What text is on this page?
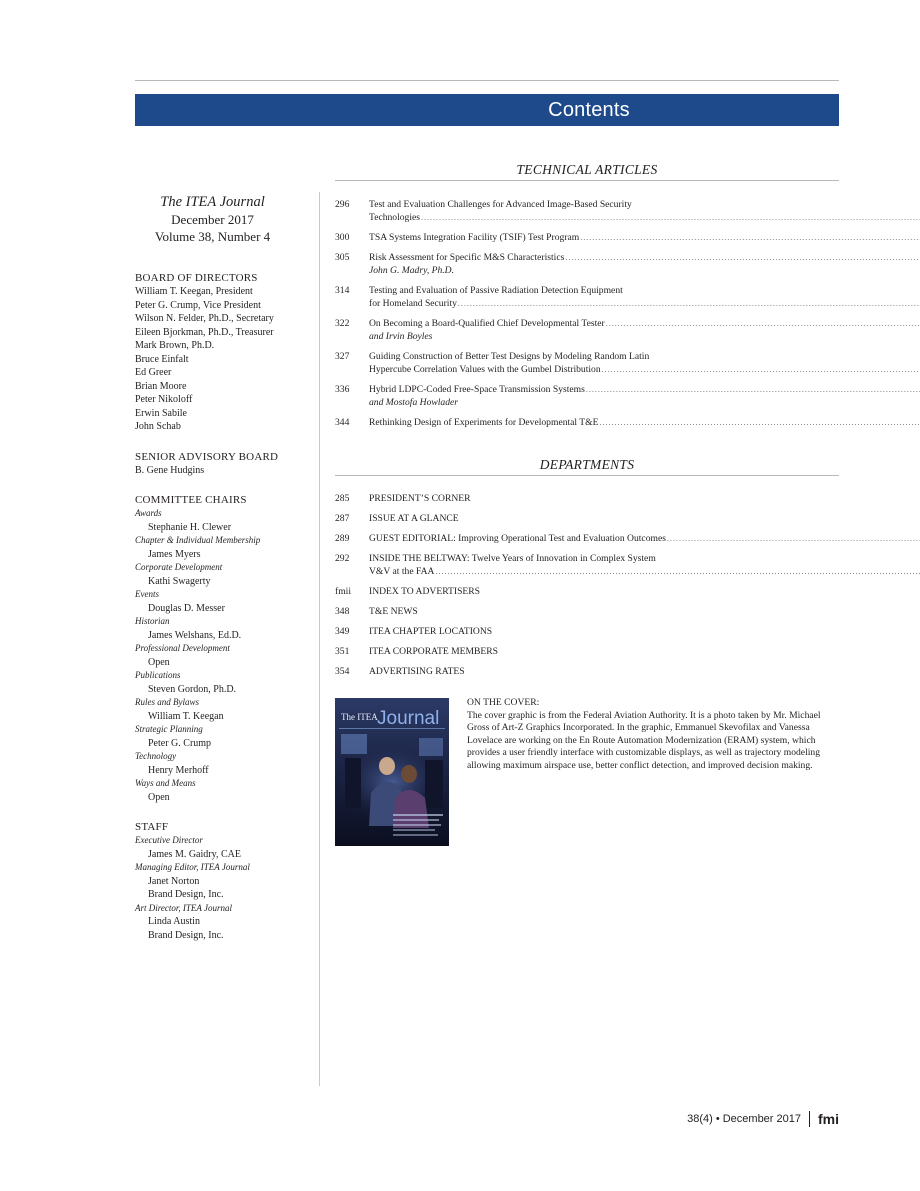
Contents
The ITEA Journal
December 2017
Volume 38, Number 4
BOARD OF DIRECTORS
William T. Keegan, President
Peter G. Crump, Vice President
Wilson N. Felder, Ph.D., Secretary
Eileen Bjorkman, Ph.D., Treasurer
Mark Brown, Ph.D.
Bruce Einfalt
Ed Greer
Brian Moore
Peter Nikoloff
Erwin Sabile
John Schab
SENIOR ADVISORY BOARD
B. Gene Hudgins
COMMITTEE CHAIRS
Awards
Stephanie H. Clewer
Chapter & Individual Membership
James Myers
Corporate Development
Kathi Swagerty
Events
Douglas D. Messer
Historian
James Welshans, Ed.D.
Professional Development
Open
Publications
Steven Gordon, Ph.D.
Rules and Bylaws
William T. Keegan
Strategic Planning
Peter G. Crump
Technology
Henry Merhoff
Ways and Means
Open
STAFF
Executive Director
James M. Gaidry, CAE
Managing Editor, ITEA Journal
Janet Norton
Brand Design, Inc.
Art Director, ITEA Journal
Linda Austin
Brand Design, Inc.
TECHNICAL ARTICLES
296	Test and Evaluation Challenges for Advanced Image-Based Security
Technologies
.....
300	TSA Systems Integration Facility (TSIF) Test Program
.....
305	Risk Assessment for Specific M&S Characteristics
.....
John G. Madry, Ph.D.
314	Testing and Evaluation of Passive Radiation Detection Equipment
for Homeland Security
.....
322	On Becoming a Board-Qualified Chief Developmental Tester
.....
and Irvin Boyles
327	Guiding Construction of Better Test Designs by Modeling Random Latin
Hypercube Correlation Values with the Gumbel Distribution
.....
336	Hybrid LDPC-Coded Free-Space Transmission Systems
.....
and Mostofa Howlader
344	Rethinking Design of Experiments for Developmental T&E
.....
DEPARTMENTS
285	PRESIDENT’S CORNER
287	ISSUE AT A GLANCE
289	GUEST EDITORIAL: Improving Operational Test and Evaluation Outcomes
.....
292	INSIDE THE BELTWAY: Twelve Years of Innovation in Complex System
V&V at the FAA
.....
fmii	INDEX TO ADVERTISERS
348	T&E NEWS
349	ITEA CHAPTER LOCATIONS
351	ITEA CORPORATE MEMBERS
354	ADVERTISING RATES
The ITEA Journal
ON THE COVER:
The cover graphic is from the Federal Aviation Authority. It is a photo taken by Mr. Michael Gross of Art-Z Graphics Incorporated. In the graphic, Emmanuel Skevofilax and Vanessa Lovelace are working on the En Route Automation Modernization (ERAM) system, which provides a user friendly interface with customizable displays, as well as trajectory modeling allowing maximum airspace use, better conflict detection, and improved decision making.
38(4) • December 2017 fmi
